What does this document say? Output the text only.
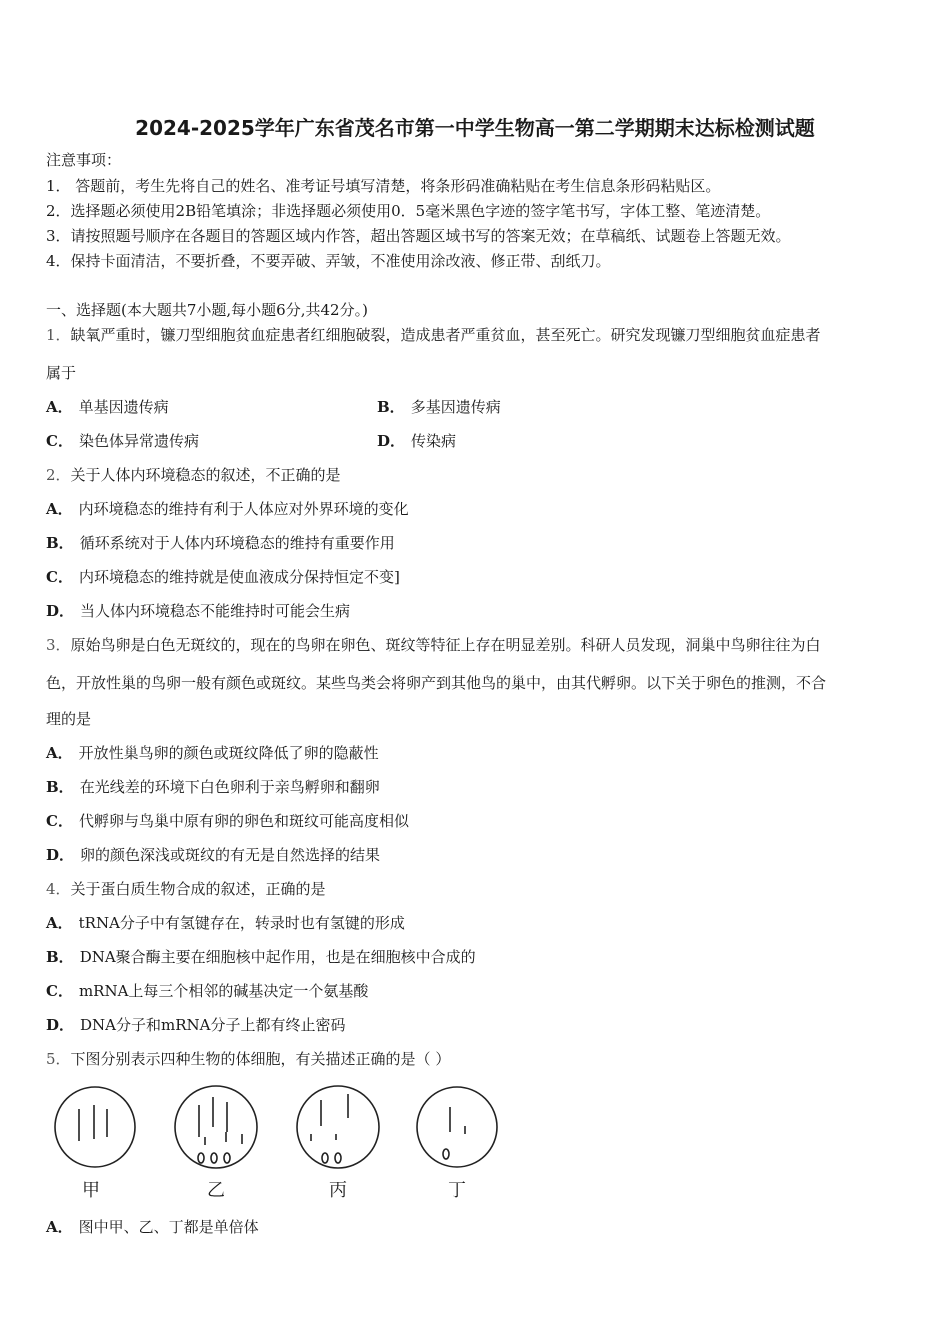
2024-2025学年广东省茂名市第一中学生物高一第二学期期末达标检测试题
注意事项：
1． 答题前，考生先将自己的姓名、准考证号填写清楚，将条形码准确粘贴在考生信息条形码粘贴区。
2．选择题必须使用2B铅笔填涂；非选择题必须使用0．5毫米黑色字迹的签字笔书写，字体工整、笔迹清楚。
3．请按照题号顺序在各题目的答题区域内作答，超出答题区域书写的答案无效；在草稿纸、试题卷上答题无效。
4．保持卡面清洁，不要折叠，不要弄破、弄皱，不准使用涂改液、修正带、刮纸刀。
一、选择题(本大题共7小题,每小题6分,共42分。)
1．缺氧严重时，镰刀型细胞贫血症患者红细胞破裂，造成患者严重贫血，甚至死亡。研究发现镰刀型细胞贫血症患者
属于
A． 单基因遗传病	B． 多基因遗传病
C． 染色体异常遗传病	D． 传染病
2．关于人体内环境稳态的叙述，不正确的是
A． 内环境稳态的维持有利于人体应对外界环境的变化
B． 循环系统对于人体内环境稳态的维持有重要作用
C． 内环境稳态的维持就是使血液成分保持恒定不变]
D． 当人体内环境稳态不能维持时可能会生病
3．原始鸟卵是白色无斑纹的，现在的鸟卵在卵色、斑纹等特征上存在明显差别。科研人员发现，洞巢中鸟卵往往为白
色，开放性巢的鸟卵一般有颜色或斑纹。某些鸟类会将卵产到其他鸟的巢中，由其代孵卵。以下关于卵色的推测，不合
理的是
A． 开放性巢鸟卵的颜色或斑纹降低了卵的隐蔽性
B． 在光线差的环境下白色卵利于亲鸟孵卵和翻卵
C． 代孵卵与鸟巢中原有卵的卵色和斑纹可能高度相似
D． 卵的颜色深浅或斑纹的有无是自然选择的结果
4．关于蛋白质生物合成的叙述，正确的是
A． tRNA分子中有氢键存在，转录时也有氢键的形成
B． DNA聚合酶主要在细胞核中起作用，也是在细胞核中合成的
C． mRNA上每三个相邻的碱基决定一个氨基酸
D． DNA分子和mRNA分子上都有终止密码
5．下图分别表示四种生物的体细胞，有关描述正确的是（ ）
甲	乙	丙	丁
A． 图中甲、乙、丁都是单倍体
